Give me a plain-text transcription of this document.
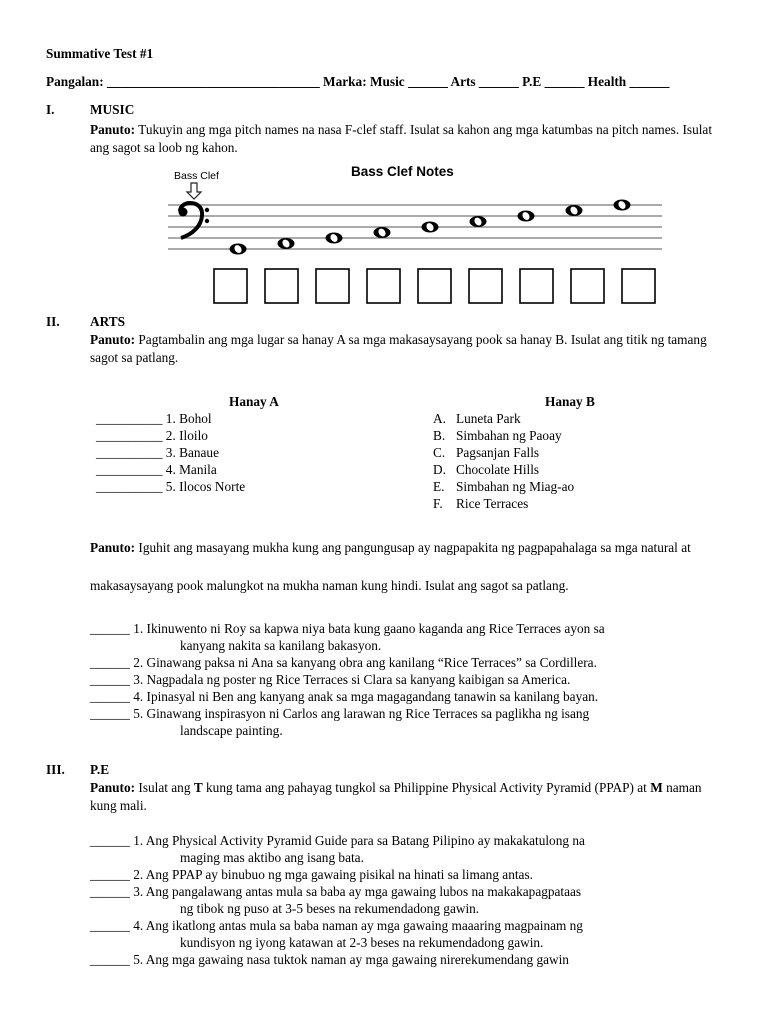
Summative Test #1
Pangalan: ________________________________ Marka: Music ______ Arts ______ P.E ______ Health ______
I.	MUSIC
Panuto: Tukuyin ang mga pitch names na nasa F-clef staff. Isulat sa kahon ang mga katumbas na pitch names. Isulat
ang sagot sa loob ng kahon.
Bass Clef Notes
Bass Clef
II. ARTS
Panuto: Pagtambalin ang mga lugar sa hanay A sa mga makasaysayang pook sa hanay B. Isulat ang titik ng tamang
sagot sa patlang.
Hanay A	Hanay B
__________ 1. Bohol
__________ 2. Iloilo
__________ 3. Banaue
__________ 4. Manila
__________ 5. Ilocos Norte
A. Luneta Park
B. Simbahan ng Paoay
C. Pagsanjan Falls
D. Chocolate Hills
E. Simbahan ng Miag-ao
F. Rice Terraces
Panuto: Iguhit ang masayang mukha kung ang pangungusap ay nagpapakita ng pagpapahalaga sa mga natural at
makasaysayang pook malungkot na mukha naman kung hindi. Isulat ang sagot sa patlang.
______ 1. Ikinuwento ni Roy sa kapwa niya bata kung gaano kaganda ang Rice Terraces ayon sa
kanyang nakita sa kanilang bakasyon.
______ 2. Ginawang paksa ni Ana sa kanyang obra ang kanilang “Rice Terraces” sa Cordillera.
______ 3. Nagpadala ng poster ng Rice Terraces si Clara sa kanyang kaibigan sa America.
______ 4. Ipinasyal ni Ben ang kanyang anak sa mga magagandang tanawin sa kanilang bayan.
______ 5. Ginawang inspirasyon ni Carlos ang larawan ng Rice Terraces sa paglikha ng isang
landscape painting.
III. P.E
Panuto: Isulat ang T kung tama ang pahayag tungkol sa Philippine Physical Activity Pyramid (PPAP) at M naman
kung mali.
______ 1. Ang Physical Activity Pyramid Guide para sa Batang Pilipino ay makakatulong na
maging mas aktibo ang isang bata.
______ 2. Ang PPAP ay binubuo ng mga gawaing pisikal na hinati sa limang antas.
______ 3. Ang pangalawang antas mula sa baba ay mga gawaing lubos na makakapagpataas
ng tibok ng puso at 3-5 beses na rekumendadong gawin.
______ 4. Ang ikatlong antas mula sa baba naman ay mga gawaing maaaring magpainam ng
kundisyon ng iyong katawan at 2-3 beses na rekumendadong gawin.
______ 5. Ang mga gawaing nasa tuktok naman ay mga gawaing nirerekumendang gawin
